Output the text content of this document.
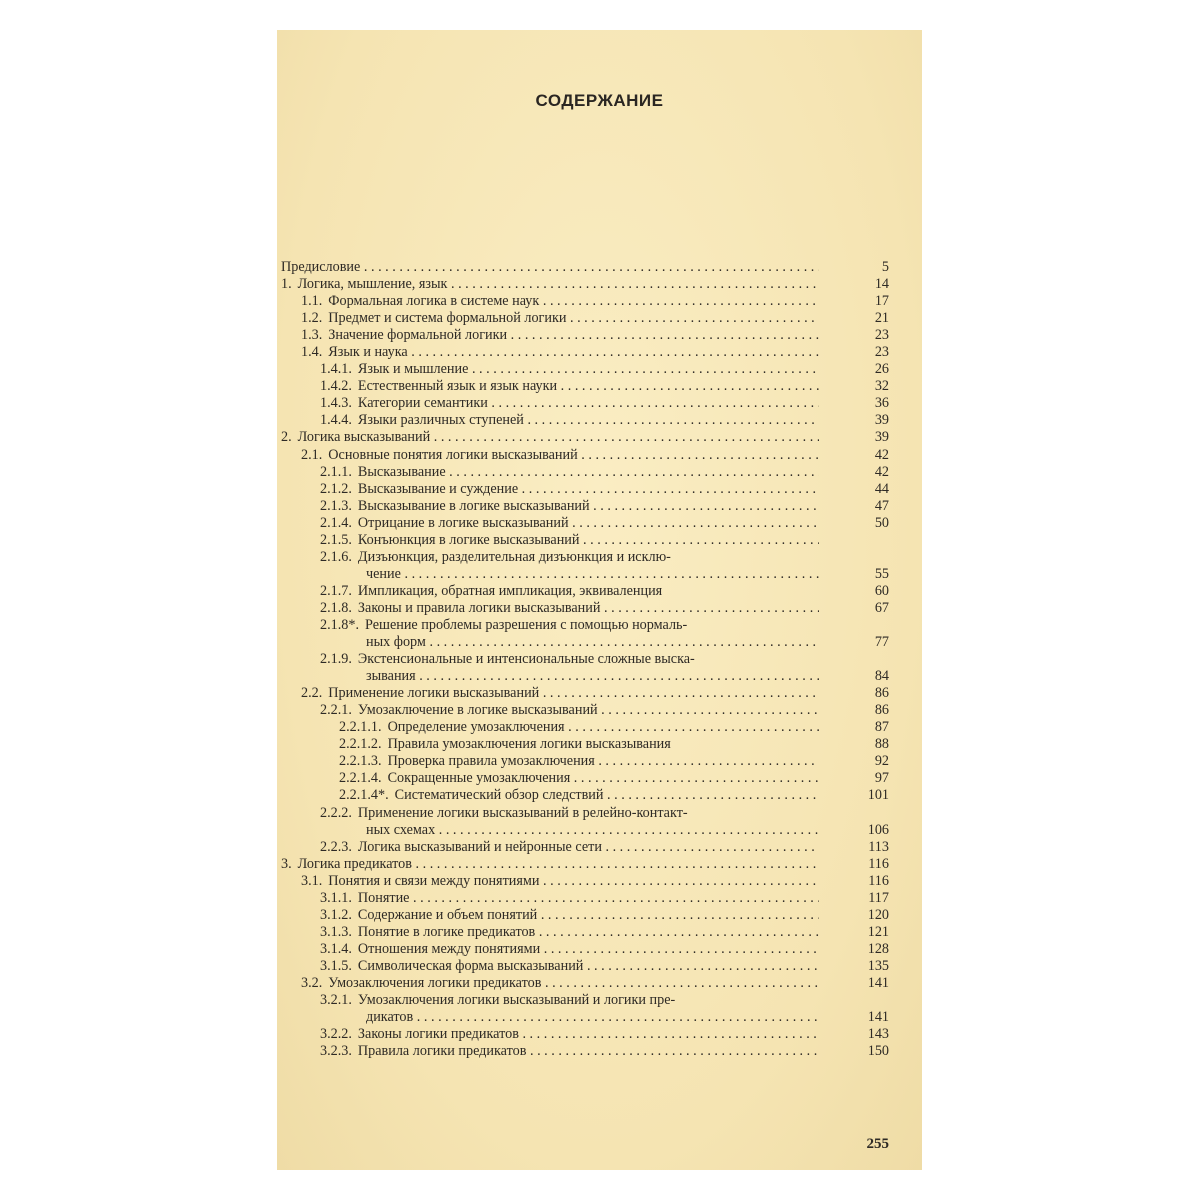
СОДЕРЖАНИЕ
Предисловие . . .	5
1. Логика, мышление, язык . . .	14
1.1. Формальная логика в системе наук . . .	17
1.2. Предмет и система формальной логики . . .	21
1.3. Значение формальной логики . . .	23
1.4. Язык и наука . . .	23
1.4.1. Язык и мышление . . .	26
1.4.2. Естественный язык и язык науки . . .	32
1.4.3. Категории семантики . . .	36
1.4.4. Языки различных ступеней . . .	39
2. Логика высказываний . . .	39
2.1. Основные понятия логики высказываний . . .	42
2.1.1. Высказывание . . .	42
2.1.2. Высказывание и суждение . . .	44
2.1.3. Высказывание в логике высказываний . . .	47
2.1.4. Отрицание в логике высказываний . . .	50
2.1.5. Конъюнкция в логике высказываний . . .
2.1.6. Дизъюнкция, разделительная дизъюнкция и исклю-
чение . . .	55
2.1.7. Импликация, обратная импликация, эквиваленция	60
2.1.8. Законы и правила логики высказываний . . .	67
2.1.8*. Решение проблемы разрешения с помощью нормаль-
ных форм . . .	77
2.1.9. Экстенсиональные и интенсиональные сложные выска-
зывания . . .	84
2.2. Применение логики высказываний . . .	86
2.2.1. Умозаключение в логике высказываний . . .	86
2.2.1.1. Определение умозаключения . . .	87
2.2.1.2. Правила умозаключения логики высказывания	88
2.2.1.3. Проверка правила умозаключения . . .	92
2.2.1.4. Сокращенные умозаключения . . .	97
2.2.1.4*. Систематический обзор следствий . . .	101
2.2.2. Применение логики высказываний в релейно-контакт-
ных схемах . . .	106
2.2.3. Логика высказываний и нейронные сети . . .	113
3. Логика предикатов . . .	116
3.1. Понятия и связи между понятиями . . .	116
3.1.1. Понятие . . .	117
3.1.2. Содержание и объем понятий . . .	120
3.1.3. Понятие в логике предикатов . . .	121
3.1.4. Отношения между понятиями . . .	128
3.1.5. Символическая форма высказываний . . .	135
3.2. Умозаключения логики предикатов . . .	141
3.2.1. Умозаключения логики высказываний и логики пре-
дикатов . . .	141
3.2.2. Законы логики предикатов . . .	143
3.2.3. Правила логики предикатов . . .	150
255
